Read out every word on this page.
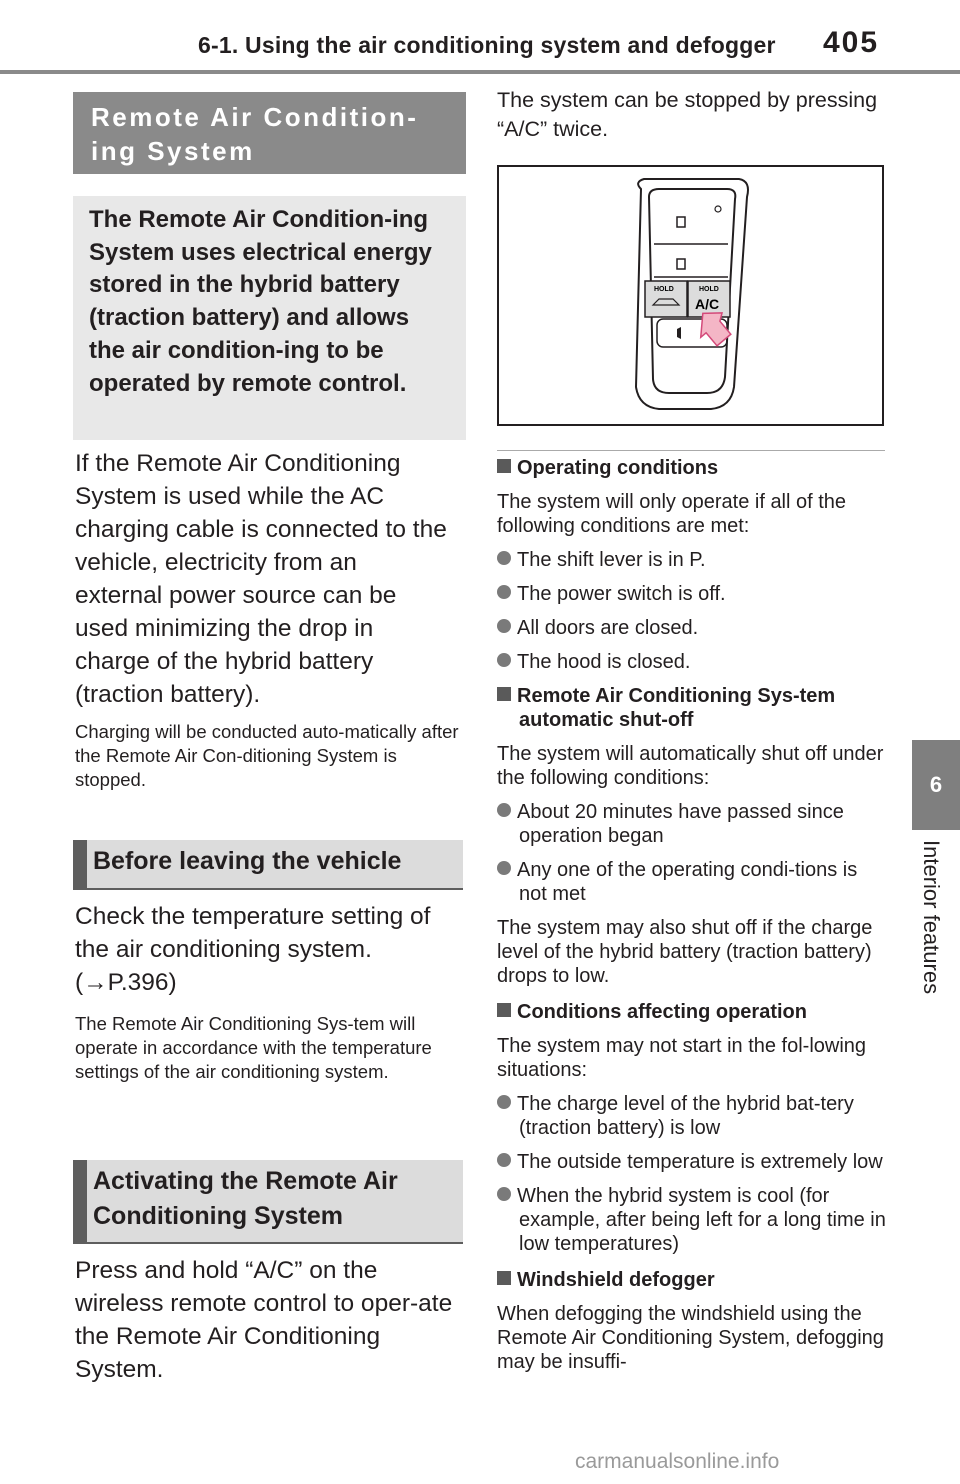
6-1. Using the air conditioning system and defogger 405
6
Interior features
Remote Air Condition-ing System
The Remote Air Condition-ing System uses electrical energy stored in the hybrid battery (traction battery) and allows the air condition-ing to be operated by remote control.
If the Remote Air Conditioning System is used while the AC charging cable is connected to the vehicle, electricity from an external power source can be used minimizing the drop in charge of the hybrid battery (traction battery).
Charging will be conducted auto-matically after the Remote Air Con-ditioning System is stopped.
Before leaving the vehicle
Check the temperature setting of the air conditioning system. (→P.396)
The Remote Air Conditioning Sys-tem will operate in accordance with the temperature settings of the air conditioning system.
Activating the Remote Air Conditioning System
Press and hold “A/C” on the wireless remote control to oper-ate the Remote Air Conditioning System.
The system can be stopped by pressing “A/C” twice.
HOLD	HOLD
A/C
Operating conditions
The system will only operate if all of the following conditions are met:
The shift lever is in P.
The power switch is off.
All doors are closed.
The hood is closed.
Remote Air Conditioning Sys-tem automatic shut-off
The system will automatically shut off under the following conditions:
About 20 minutes have passed since operation began
Any one of the operating condi-tions is not met
The system may also shut off if the charge level of the hybrid battery (traction battery) drops to low.
Conditions affecting operation
The system may not start in the fol-lowing situations:
The charge level of the hybrid bat-tery (traction battery) is low
The outside temperature is extremely low
When the hybrid system is cool (for example, after being left for a long time in low temperatures)
Windshield defogger
When defogging the windshield using the Remote Air Conditioning System, defogging may be insuffi-
carmanualsonline.info
